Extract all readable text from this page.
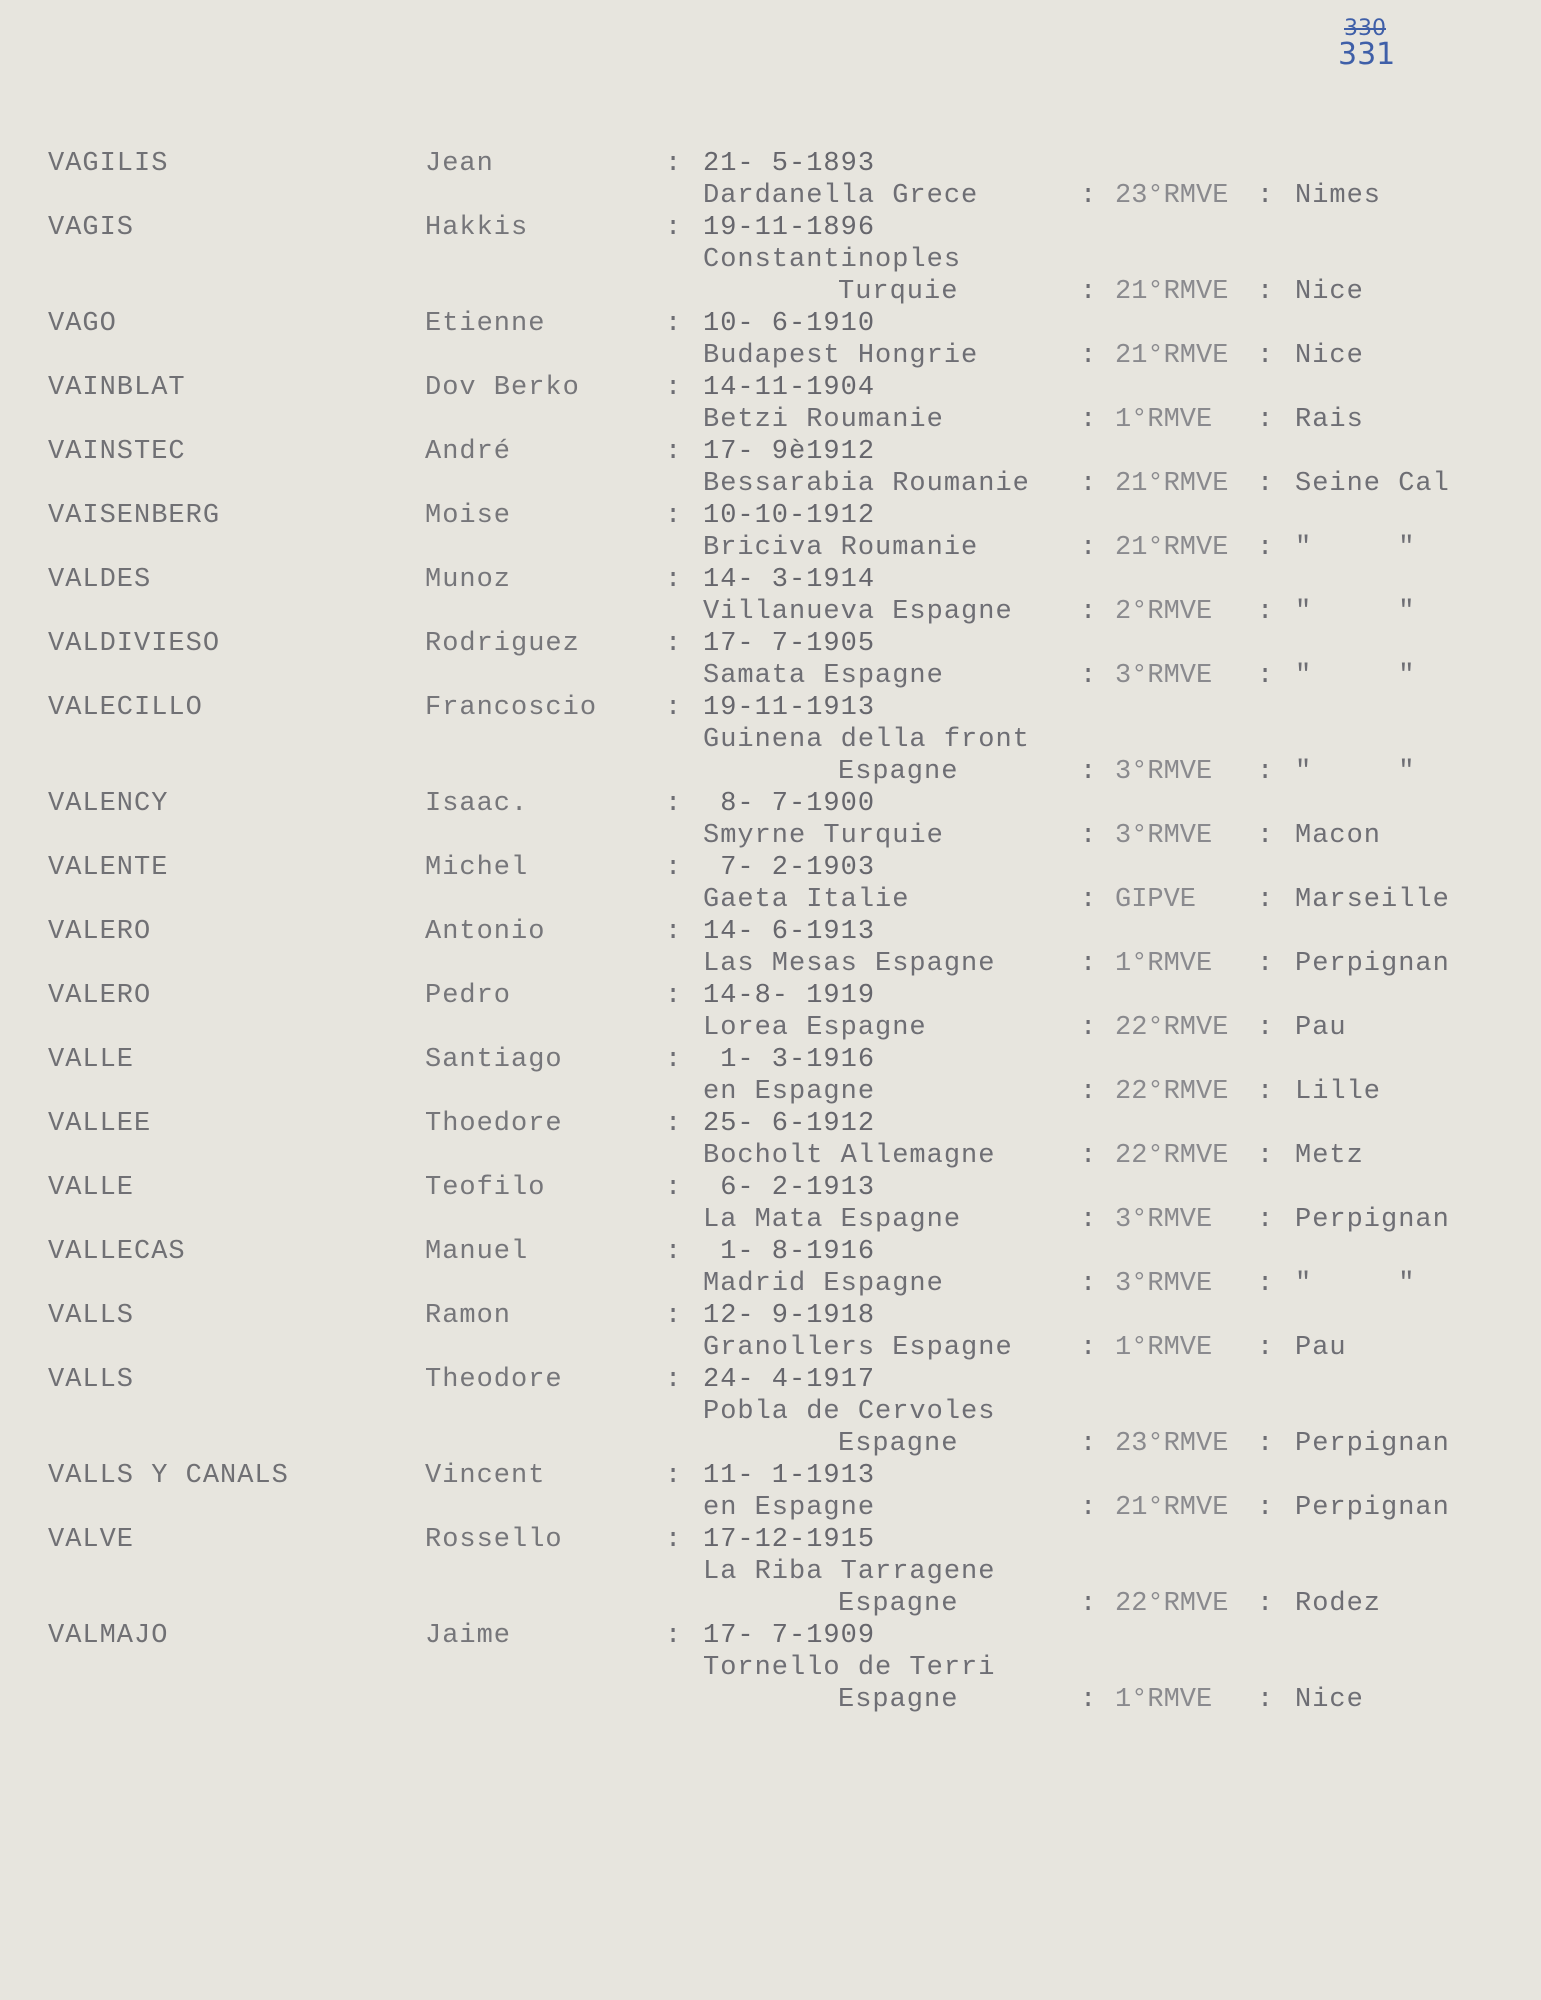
330
331
VAGILIS	Jean	: 21- 5-1893
Dardanella Grece	: 23°RMVE : Nimes
VAGIS	Hakkis	: 19-11-1896
Constantinoples
Turquie	: 21°RMVE : Nice
VAGO	Etienne	: 10- 6-1910
Budapest Hongrie	: 21°RMVE : Nice
VAINBLAT	Dov Berko	: 14-11-1904
Betzi Roumanie	: 1°RMVE : Rais
VAINSTEC	André	: 17- 9è1912
Bessarabia Roumanie : 21°RMVE : Seine Cal
VAISENBERG	Moise	: 10-10-1912
Briciva Roumanie	: 21°RMVE : "     "
VALDES	Munoz	: 14- 3-1914
Villanueva Espagne : 2°RMVE : "     "
VALDIVIESO	Rodriguez	: 17- 7-1905
Samata Espagne	: 3°RMVE : "     "
VALECILLO	Francoscio	: 19-11-1913
Guinena della front
Espagne	: 3°RMVE : "     "
VALENCY	Isaac.	: 8- 7-1900
Smyrne Turquie	: 3°RMVE : Macon
VALENTE	Michel	: 7- 2-1903
Gaeta Italie	: GIPVE : Marseille
VALERO	Antonio	: 14- 6-1913
Las Mesas Espagne	: 1°RMVE : Perpignan
VALERO	Pedro	: 14-8- 1919
Lorea Espagne	: 22°RMVE : Pau
VALLE	Santiago	: 1- 3-1916
en Espagne	: 22°RMVE : Lille
VALLEE	Thoedore	: 25- 6-1912
Bocholt Allemagne	: 22°RMVE : Metz
VALLE	Teofilo	: 6- 2-1913
La Mata Espagne	: 3°RMVE : Perpignan
VALLECAS	Manuel	: 1- 8-1916
Madrid Espagne	: 3°RMVE : "     "
VALLS	Ramon	: 12- 9-1918
Granollers Espagne : 1°RMVE : Pau
VALLS	Theodore	: 24- 4-1917
Pobla de Cervoles
Espagne	: 23°RMVE : Perpignan
VALLS Y CANALS	Vincent	: 11- 1-1913
en Espagne	: 21°RMVE : Perpignan
VALVE	Rossello	: 17-12-1915
La Riba Tarragene
Espagne	: 22°RMVE : Rodez
VALMAJO	Jaime	: 17- 7-1909
Tornello de Terri
Espagne	: 1°RMVE : Nice
